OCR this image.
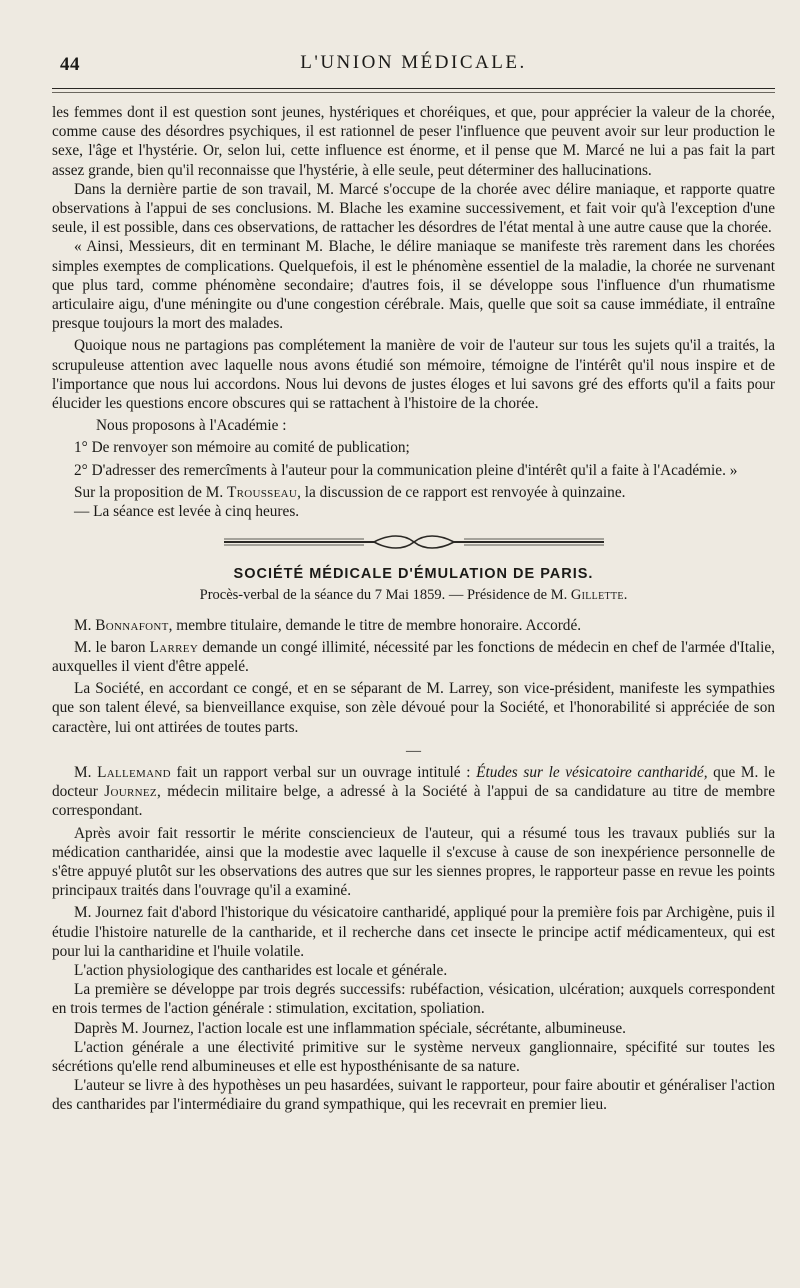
44	L'UNION MÉDICALE.

les femmes dont il est question sont jeunes, hystériques et choréiques, et que, pour apprécier la valeur de la chorée, comme cause des désordres psychiques, il est rationnel de peser l'influence que peuvent avoir sur leur production le sexe, l'âge et l'hystérie. Or, selon lui, cette influence est énorme, et il pense que M. Marcé ne lui a pas fait la part assez grande, bien qu'il reconnaisse que l'hystérie, à elle seule, peut déterminer des hallucinations.

Dans la dernière partie de son travail, M. Marcé s'occupe de la chorée avec délire maniaque, et rapporte quatre observations à l'appui de ses conclusions. M. Blache les examine successivement, et fait voir qu'à l'exception d'une seule, il est possible, dans ces observations, de rattacher les désordres de l'état mental à une autre cause que la chorée.

« Ainsi, Messieurs, dit en terminant M. Blache, le délire maniaque se manifeste très rarement dans les chorées simples exemptes de complications. Quelquefois, il est le phénomène essentiel de la maladie, la chorée ne survenant que plus tard, comme phénomène secondaire; d'autres fois, il se développe sous l'influence d'un rhumatisme articulaire aigu, d'une méningite ou d'une congestion cérébrale. Mais, quelle que soit sa cause immédiate, il entraîne presque toujours la mort des malades.

Quoique nous ne partagions pas complétement la manière de voir de l'auteur sur tous les sujets qu'il a traités, la scrupuleuse attention avec laquelle nous avons étudié son mémoire, témoigne de l'intérêt qu'il nous inspire et de l'importance que nous lui accordons. Nous lui devons de justes éloges et lui savons gré des efforts qu'il a faits pour élucider les questions encore obscures qui se rattachent à l'histoire de la chorée.

Nous proposons à l'Académie :

1° De renvoyer son mémoire au comité de publication;

2° D'adresser des remercîments à l'auteur pour la communication pleine d'intérêt qu'il a faite à l'Académie. »

Sur la proposition de M. Trousseau, la discussion de ce rapport est renvoyée à quinzaine.

— La séance est levée à cinq heures.

SOCIÉTÉ MÉDICALE D'ÉMULATION DE PARIS.
Procès-verbal de la séance du 7 Mai 1859. — Présidence de M. Gillette.

M. Bonnafont, membre titulaire, demande le titre de membre honoraire. Accordé.

M. le baron Larrey demande un congé illimité, nécessité par les fonctions de médecin en chef de l'armée d'Italie, auxquelles il vient d'être appelé.

La Société, en accordant ce congé, et en se séparant de M. Larrey, son vice-président, manifeste les sympathies que son talent élevé, sa bienveillance exquise, son zèle dévoué pour la Société, et l'honorabilité si appréciée de son caractère, lui ont attirées de toutes parts.

—

M. Lallemand fait un rapport verbal sur un ouvrage intitulé : Études sur le vésicatoire cantharidé, que M. le docteur Journez, médecin militaire belge, a adressé à la Société à l'appui de sa candidature au titre de membre correspondant.

Après avoir fait ressortir le mérite consciencieux de l'auteur, qui a résumé tous les travaux publiés sur la médication cantharidée, ainsi que la modestie avec laquelle il s'excuse à cause de son inexpérience personnelle de s'être appuyé plutôt sur les observations des autres que sur les siennes propres, le rapporteur passe en revue les points principaux traités dans l'ouvrage qu'il a examiné.

M. Journez fait d'abord l'historique du vésicatoire cantharidé, appliqué pour la première fois par Archigène, puis il étudie l'histoire naturelle de la cantharide, et il recherche dans cet insecte le principe actif médicamenteux, qui est pour lui la cantharidine et l'huile volatile.

L'action physiologique des cantharides est locale et générale.

La première se développe par trois degrés successifs: rubéfaction, vésication, ulcération; auxquels correspondent en trois termes de l'action générale : stimulation, excitation, spoliation.

Daprès M. Journez, l'action locale est une inflammation spéciale, sécrétante, albumineuse.

L'action générale a une électivité primitive sur le système nerveux ganglionnaire, spécifité sur toutes les sécrétions qu'elle rend albumineuses et elle est hyposthénisante de sa nature.

L'auteur se livre à des hypothèses un peu hasardées, suivant le rapporteur, pour faire aboutir et généraliser l'action des cantharides par l'intermédiaire du grand sympathique, qui les recevrait en premier lieu.
